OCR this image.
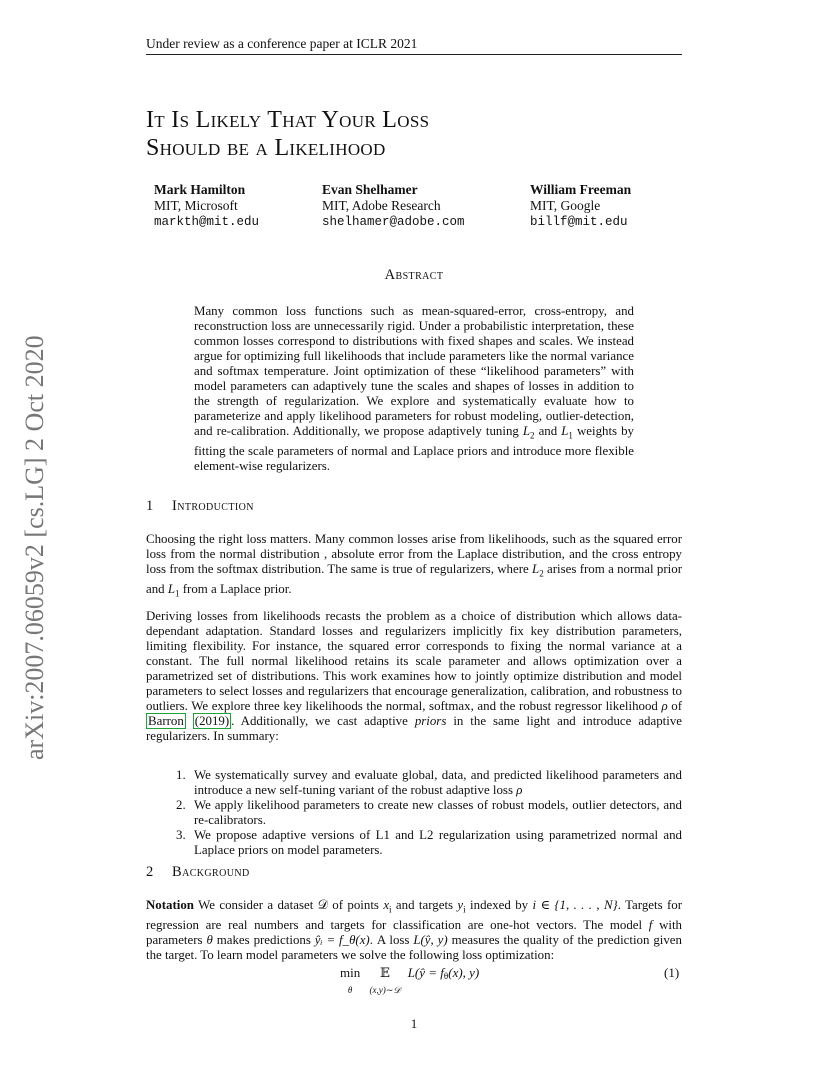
Under review as a conference paper at ICLR 2021
arXiv:2007.06059v2 [cs.LG] 2 Oct 2020
It Is Likely That Your Loss
Should be a Likelihood
Mark Hamilton
MIT, Microsoft
markth@mit.edu
Evan Shelhamer
MIT, Adobe Research
shelhamer@adobe.com
William Freeman
MIT, Google
billf@mit.edu
Abstract
Many common loss functions such as mean-squared-error, cross-entropy, and reconstruction loss are unnecessarily rigid. Under a probabilistic interpretation, these common losses correspond to distributions with fixed shapes and scales. We instead argue for optimizing full likelihoods that include parameters like the normal variance and softmax temperature. Joint optimization of these “likelihood parameters” with model parameters can adaptively tune the scales and shapes of losses in addition to the strength of regularization. We explore and systematically evaluate how to parameterize and apply likelihood parameters for robust modeling, outlier-detection, and re-calibration. Additionally, we propose adaptively tuning $L_2$ and $L_1$ weights by fitting the scale parameters of normal and Laplace priors and introduce more flexible element-wise regularizers.
1 Introduction

Choosing the right loss matters. Many common losses arise from likelihoods, such as the squared error loss from the normal distribution , absolute error from the Laplace distribution, and the cross entropy loss from the softmax distribution. The same is true of regularizers, where $L_2$ arises from a normal prior and $L_1$ from a Laplace prior.

Deriving losses from likelihoods recasts the problem as a choice of distribution which allows data-dependant adaptation. Standard losses and regularizers implicitly fix key distribution parameters, limiting flexibility. For instance, the squared error corresponds to fixing the normal variance at a constant. The full normal likelihood retains its scale parameter and allows optimization over a parametrized set of distributions. This work examines how to jointly optimize distribution and model parameters to select losses and regularizers that encourage generalization, calibration, and robustness to outliers. We explore three key likelihoods the normal, softmax, and the robust regressor likelihood ρ of Barron (2019) . Additionally, we cast adaptive priors in the same light and introduce adaptive regularizers. In summary:

1. We systematically survey and evaluate global, data, and predicted likelihood parameters and introduce a new self-tuning variant of the robust adaptive loss ρ
2. We apply likelihood parameters to create new classes of robust models, outlier detectors, and re-calibrators.
3. We propose adaptive versions of L1 and L2 regularization using parametrized normal and Laplace priors on model parameters.
2 Background

Notation We consider a dataset 𝒟 of points $x_i$ and targets $y_i$ indexed by i ∈ {1, . . . , N}. Targets for regression are real numbers and targets for classification are one-hot vectors. The model f with parameters θ makes predictions ŷᵢ = f_θ(x). A loss L(ŷ, y) measures the quality of the prediction given the target. To learn model parameters we solve the following loss optimization:

min
θ 𝔼
(x,y)∼𝒟 L(ŷ = $f_\theta(x)$, y)	(1)
1
